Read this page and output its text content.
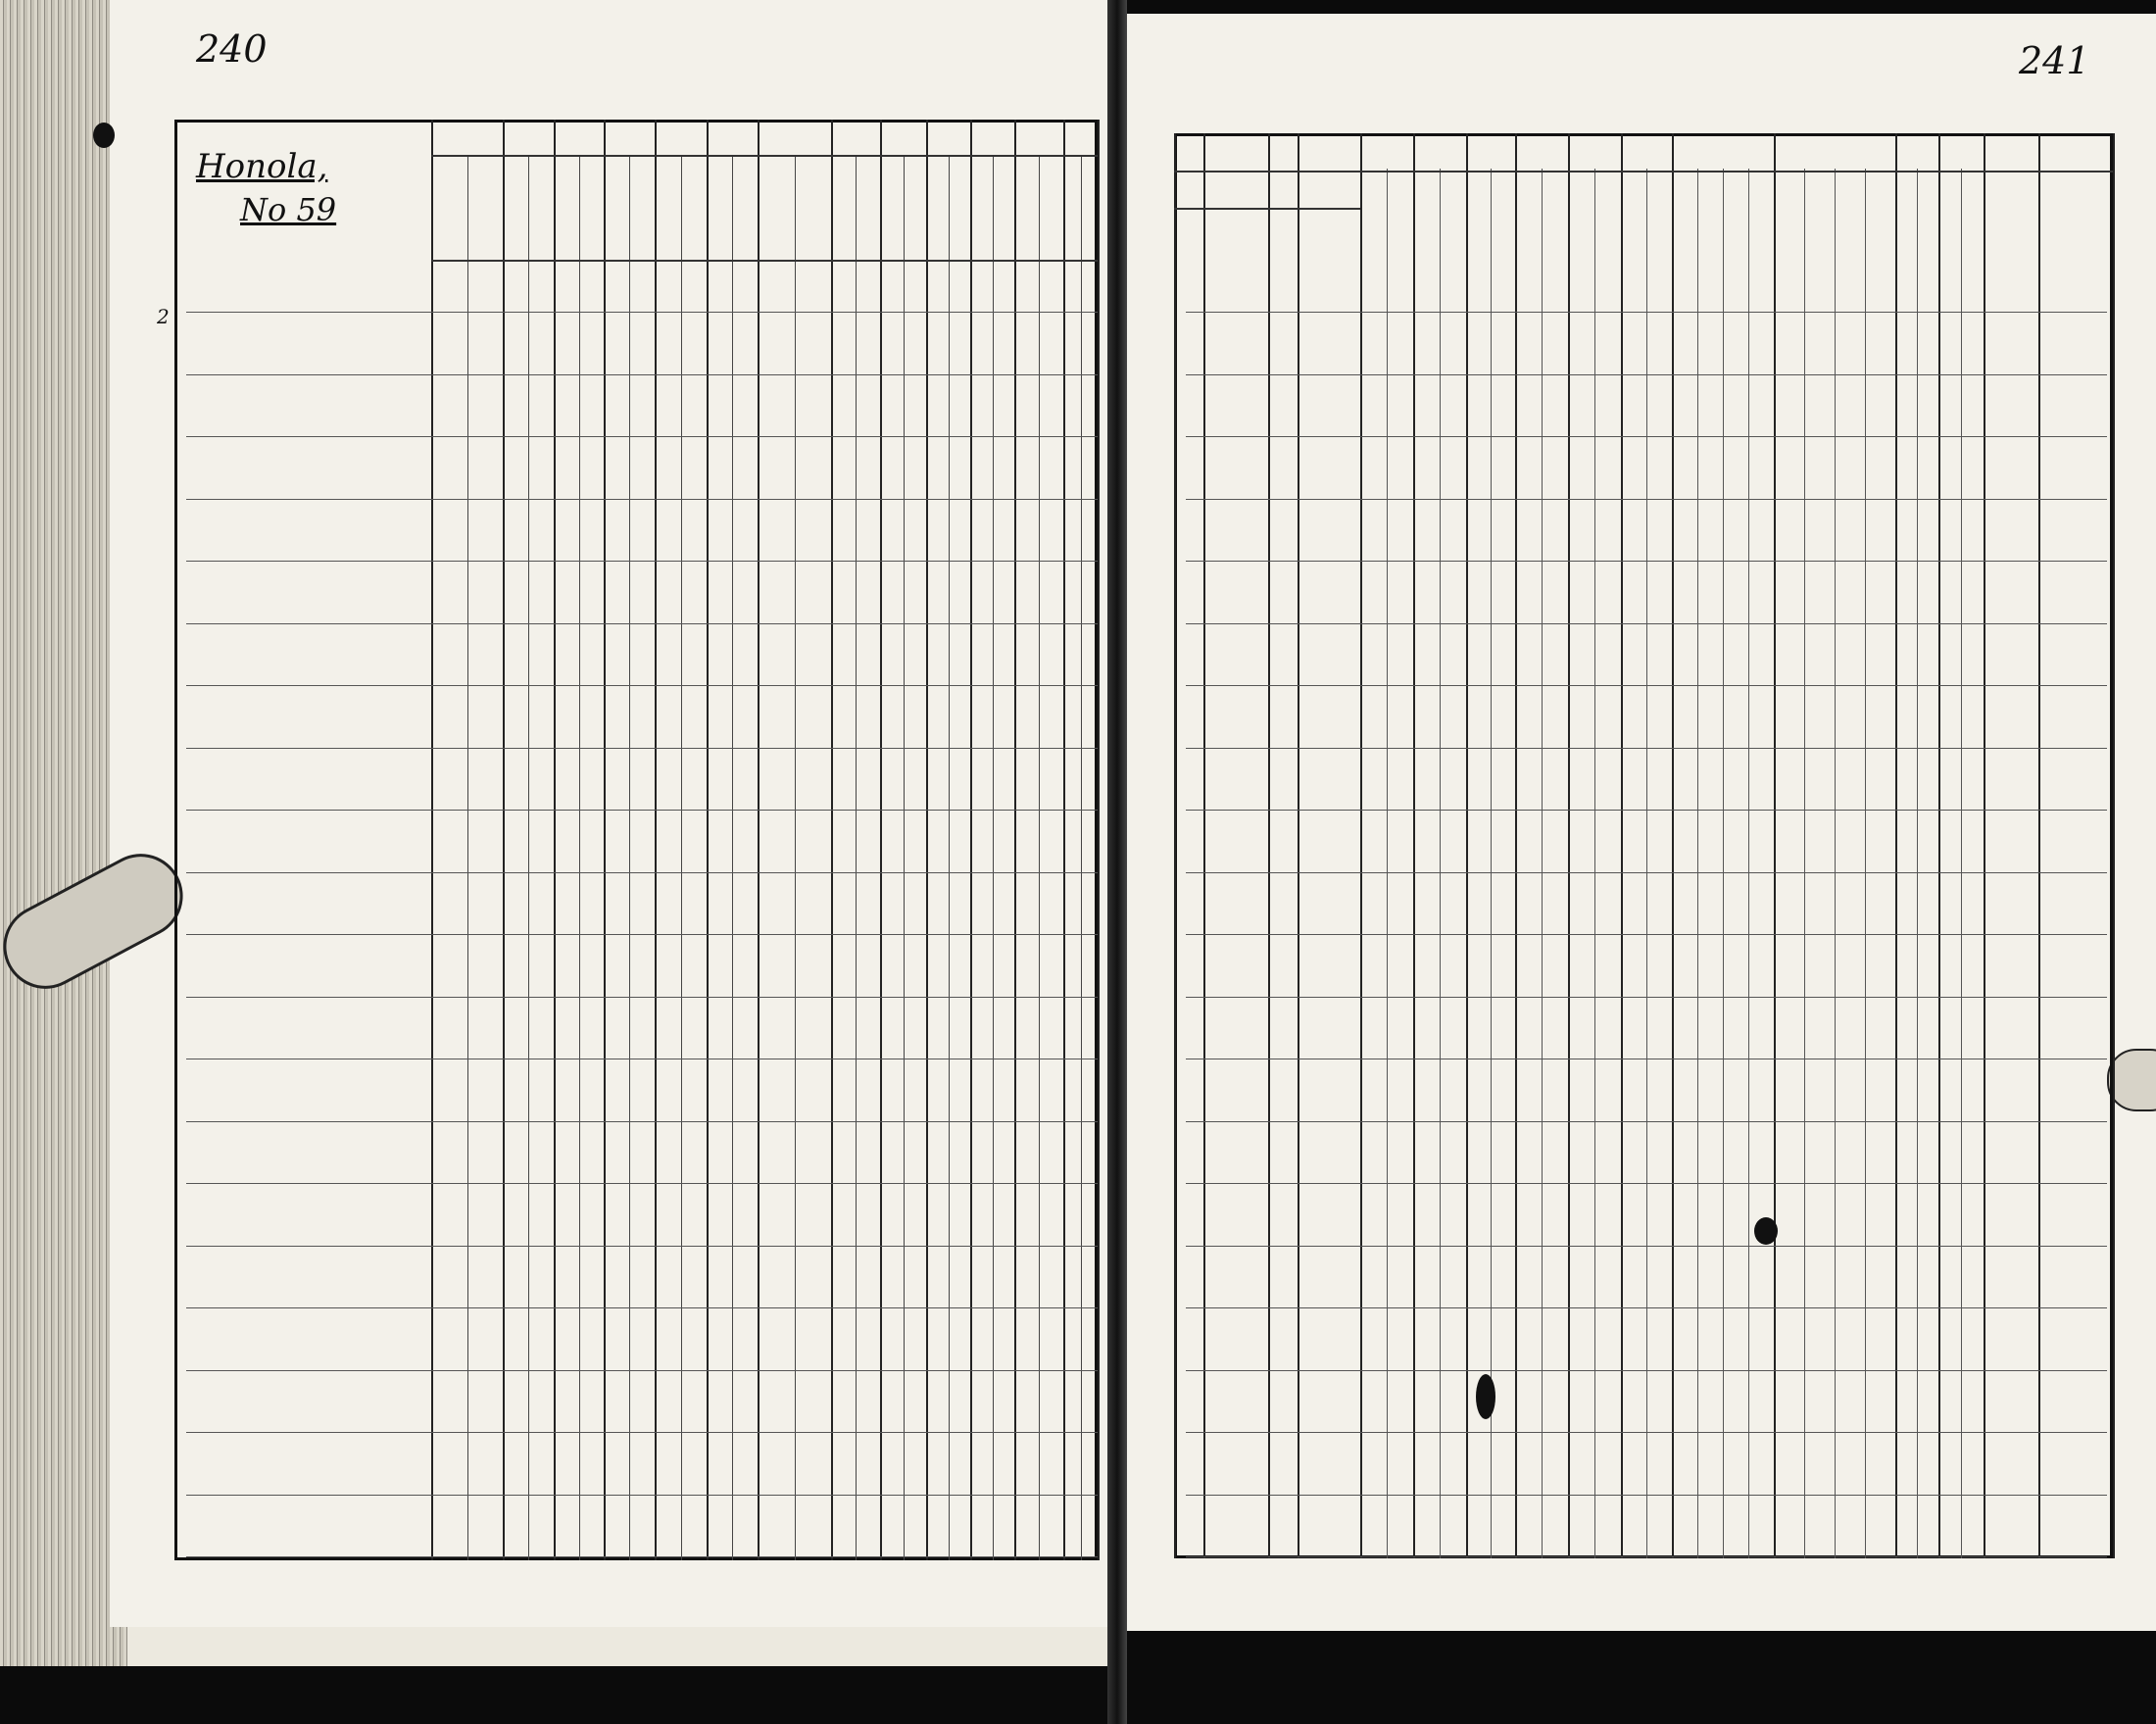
240	241
Honola,
No 59
2
